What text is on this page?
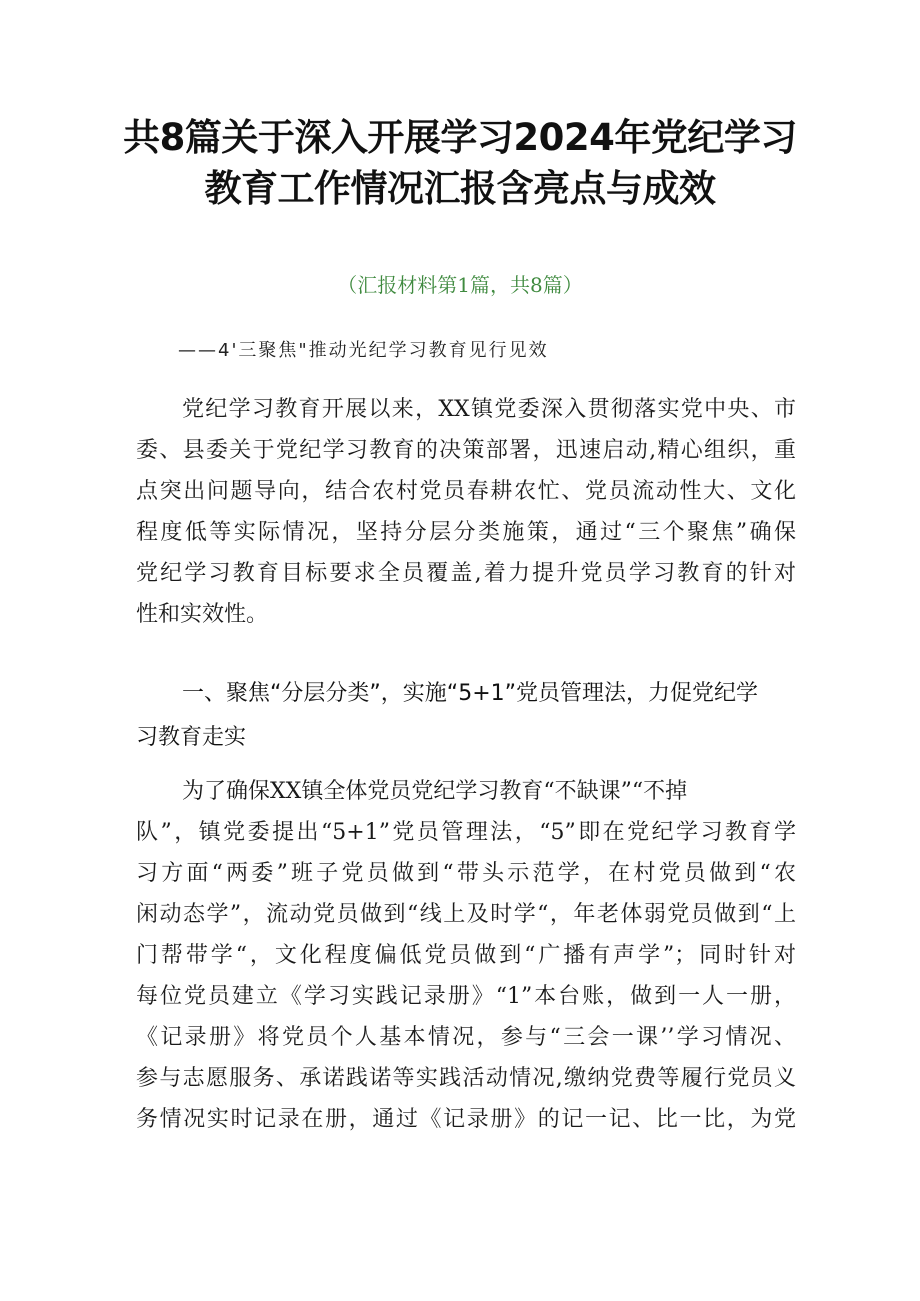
共8篇关于深入开展学习2024年党纪学习
教育工作情况汇报含亮点与成效
（汇报材料第1篇，共8篇）
——4'三聚焦"推动光纪学习教育见行见效
党纪学习教育开展以来，XX镇党委深入贯彻落实党中央、市
委、县委关于党纪学习教育的决策部署，迅速启动,精心组织，重
点突出问题导向，结合农村党员春耕农忙、党员流动性大、文化
程度低等实际情况，坚持分层分类施策，通过“三个聚焦”确保
党纪学习教育目标要求全员覆盖,着力提升党员学习教育的针对
性和实效性。
一、聚焦“分层分类”，实施“5+1”党员管理法，力促党纪学
习教育走实
为了确保XX镇全体党员党纪学习教育“不缺课”“不掉
队”，镇党委提出“5+1”党员管理法，“5”即在党纪学习教育学
习方面“两委”班子党员做到“带头示范学，在村党员做到“农
闲动态学”，流动党员做到“线上及时学“，年老体弱党员做到“上
门帮带学“，文化程度偏低党员做到“广播有声学”；同时针对
每位党员建立《学习实践记录册》“1”本台账，做到一人一册，
《记录册》将党员个人基本情况，参与“三会一课’’学习情况、
参与志愿服务、承诺践诺等实践活动情况,缴纳党费等履行党员义
务情况实时记录在册，通过《记录册》的记一记、比一比，为党
